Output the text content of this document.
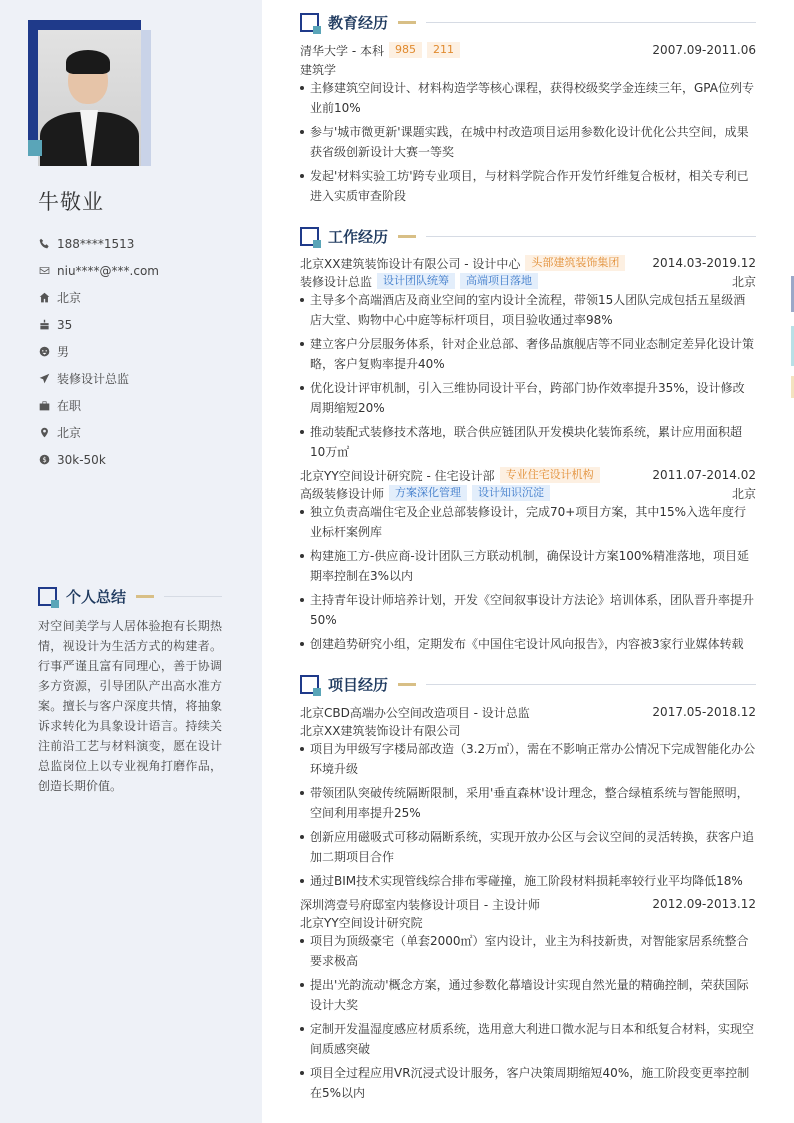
牛敬业
188****1513
niu****@***.com
北京
35
男
装修设计总监
在职
北京
$ 30k-50k
个人总结
对空间美学与人居体验抱有长期热情，视设计为生活方式的构建者。行事严谨且富有同理心，善于协调多方资源，引导团队产出高水准方案。擅长与客户深度共情，将抽象诉求转化为具象设计语言。持续关注前沿工艺与材料演变，愿在设计总监岗位上以专业视角打磨作品，创造长期价值。
教育经历
清华大学 - 本科	985	211	2007.09-2011.06
建筑学
主修建筑空间设计、材料构造学等核心课程，获得校级奖学金连续三年，GPA位列专业前10%
参与'城市微更新'课题实践，在城中村改造项目运用参数化设计优化公共空间，成果获省级创新设计大赛一等奖
发起'材料实验工坊'跨专业项目，与材料学院合作开发竹纤维复合板材，相关专利已进入实质审查阶段
工作经历
北京XX建筑装饰设计有限公司 - 设计中心	头部建筑装饰集团	2014.03-2019.12
装修设计总监	设计团队统筹	高端项目落地	北京
主导多个高端酒店及商业空间的室内设计全流程，带领15人团队完成包括五星级酒店大堂、购物中心中庭等标杆项目，项目验收通过率98%
建立客户分层服务体系，针对企业总部、奢侈品旗舰店等不同业态制定差异化设计策略，客户复购率提升40%
优化设计评审机制，引入三维协同设计平台，跨部门协作效率提升35%，设计修改周期缩短20%
推动装配式装修技术落地，联合供应链团队开发模块化装饰系统，累计应用面积超10万㎡
北京YY空间设计研究院 - 住宅设计部	专业住宅设计机构	2011.07-2014.02
高级装修设计师	方案深化管理	设计知识沉淀	北京
独立负责高端住宅及企业总部装修设计，完成70+项目方案，其中15%入选年度行业标杆案例库
构建施工方-供应商-设计团队三方联动机制，确保设计方案100%精准落地，项目延期率控制在3%以内
主持青年设计师培养计划，开发《空间叙事设计方法论》培训体系，团队晋升率提升50%
创建趋势研究小组，定期发布《中国住宅设计风向报告》，内容被3家行业媒体转载
项目经历
北京CBD高端办公空间改造项目 - 设计总监	2017.05-2018.12
北京XX建筑装饰设计有限公司
项目为甲级写字楼局部改造（3.2万㎡），需在不影响正常办公情况下完成智能化办公环境升级
带领团队突破传统隔断限制，采用'垂直森林'设计理念，整合绿植系统与智能照明，空间利用率提升25%
创新应用磁吸式可移动隔断系统，实现开放办公区与会议空间的灵活转换，获客户追加二期项目合作
通过BIM技术实现管线综合排布零碰撞，施工阶段材料损耗率较行业平均降低18%
深圳湾壹号府邸室内装修设计项目 - 主设计师	2012.09-2013.12
北京YY空间设计研究院
项目为顶级豪宅（单套2000㎡）室内设计，业主为科技新贵，对智能家居系统整合要求极高
提出'光韵流动'概念方案，通过参数化幕墙设计实现自然光量的精确控制，荣获国际设计大奖
定制开发温湿度感应材质系统，选用意大利进口微水泥与日本和纸复合材料，实现空间质感突破
项目全过程应用VR沉浸式设计服务，客户决策周期缩短40%，施工阶段变更率控制在5%以内
